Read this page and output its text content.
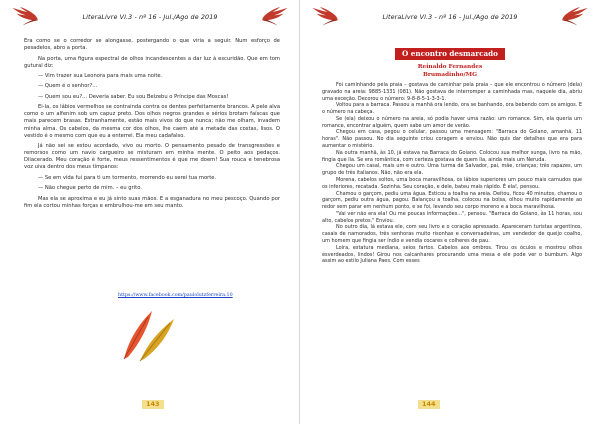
LiteraLivre Vl.3 - nº 16 - Jul./Ago de 2019

Era como se o corredor se alongasse, postergando o que viria a seguir. Num esforço de pesadelos, abro a porta.

Na porta, uma figura espectral de olhos incandescentes a dar luz à escuridão. Que em tom gutural diz:

— Vim trazer sua Leonora para mais uma noite.

— Quem é o senhor?...

— Quem sou eu?... Deveria saber. Eu sou Belzebu o Príncipe das Moscas!

Ei-la, os lábios vermelhos se contrainda contra os dentes perfeitamente brancos. A pele alva como o um alfenim sob um capuz preto. Dos olhos negros grandes e sérios brotam faíscas que mais parecem brasas. Estranhamente, estão mais vivos do que nunca; não me olham, invadem minha alma. Os cabelos, da mesma cor dos olhos, lhe caem até a metade das costas, lisos. O vestido é o mesmo com que eu a enterrei. Ela meu cadafalso.

Já não sei se estou acordado, vivo ou morto. O pensamento pesado de transgressões e remorsos como um navio cargueiro se misturam em minha mente. O peito aos pedaços. Dilacerado. Meu coração é forte, meus ressentimentos é que me doem! Sua rouca e tenebrosa voz uiva dentro dos meus tímpanos:

— Se em vida fui para ti um tormento, morrendo eu serei tua morte.

— Não chegue perto de mim. – eu grito.

Mas ela se aproxima e eu já sinto suas mãos. E a esganadura no meu pescoço. Quando por fim ela cortou minhas forças e embrulhou-me em seu manto.

https://www.facebook.com/paulolutzferreira.10
143
LiteraLivre Vl.3 - nº 16 - Jul./Ago de 2019
O encontro desmarcado
Reinaldo Fernandes
Brumadinho/MG

Foi caminhando pela praia – gostava de caminhar pela praia – que ele encontrou o número (dela) gravado na areia: 9885-1331 (081). Não gostava de interromper a caminhada mas, naquele dia, abriu uma exceção. Decorou o número: 9-8-8-5-1-3-3-1.

Voltou para a barraca. Passou a manhã ora lendo, ora se banhando, ora bebendo com os amigos. E o número na cabeça.

Se (ela) deixou o número na areia, só podia haver uma razão: um romance. Sim, ela queria um romance, encontrar alguém, quem sabe um amor de verão.

Chegou em casa, pegou o celular, passou uma mensagem: "Barraca do Goiano, amanhã, 11 horas". Não passou. No dia seguinte criou coragem e enviou. Não quis dar detalhes que era para aumentar o mistério.

Na outra manhã, às 10, já estava na Barraca do Goiano. Colocou sua melhor sunga, livro na mão, fingia que lia. Se era romântica, com certeza gostava de quem lia, ainda mais um Neruda.

Chegou um casal, mais um e outro. Uma turma de Salvador, pai, mãe, crianças; três rapazes, um grupo de três italianos. Não, não era ela.

Morena, cabelos soltos, uma boca maravilhosa, os lábios superiores um pouco mais carnudos que os inferiores, recatada. Sozinha. Seu coração, e dele, bateu mais rápido. É ela!, pensou.

Chamou o garçom, pediu uma água. Esticou a toalha na areia. Deitou, ficou 40 minutos, chamou o garçom, pediu outra água, pagou. Balançou a toalha, colocou na bolsa, olhou muito rapidamente ao redor sem parar em nenhum ponto, e se foi, levando seu corpo moreno e a boca maravilhosa.

"Vai ver não era ela! Ou me poucas informações...", pensou. "Barraca do Goiano, às 11 horas, sou alto, cabelos pretos." Enviou.

No outro dia, lá estava ele, com seu livro e o coração apressado. Apareceram turistas argentinos, casais de namorados, três senhoras muito risonhas e conversadeiras, um vendedor de queijo coalho, um homem que fingia ser índio e vendia cocares e colheres de pau.

Loira, estatura mediana, seios fartos. Cabelos aos ombros. Tirou os óculos e mostrou olhos esverdeados, lindos! Girou nos calcanhares procurando uma mesa e ele pode ver o bumbum. Algo assim ao estilo Juliana Paes. Com esses

144
